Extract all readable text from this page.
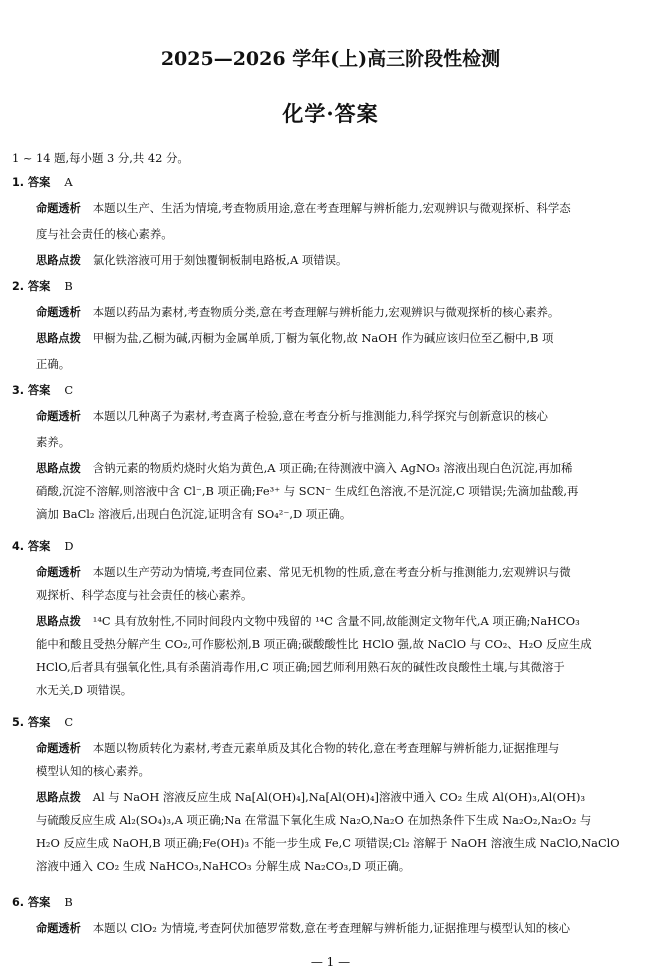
2025—2026 学年(上)高三阶段性检测
化学·答案
1 ~ 14 题,每小题 3 分,共 42 分。
1. 答案 A
命题透析 本题以生产、生活为情境,考查物质用途,意在考查理解与辨析能力,宏观辨识与微观探析、科学态
度与社会责任的核心素养。
思路点拨 氯化铁溶液可用于刻蚀覆铜板制电路板,A 项错误。
2. 答案 B
命题透析 本题以药品为素材,考查物质分类,意在考查理解与辨析能力,宏观辨识与微观探析的核心素养。
思路点拨 甲橱为盐,乙橱为碱,丙橱为金属单质,丁橱为氧化物,故 NaOH 作为碱应该归位至乙橱中,B 项
正确。
3. 答案 C
命题透析 本题以几种离子为素材,考查离子检验,意在考查分析与推测能力,科学探究与创新意识的核心
素养。
思路点拨 含钠元素的物质灼烧时火焰为黄色,A 项正确;在待测液中滴入 AgNO₃ 溶液出现白色沉淀,再加稀
硝酸,沉淀不溶解,则溶液中含 Cl⁻,B 项正确;Fe³⁺ 与 SCN⁻ 生成红色溶液,不是沉淀,C 项错误;先滴加盐酸,再
滴加 BaCl₂ 溶液后,出现白色沉淀,证明含有 SO₄²⁻,D 项正确。
4. 答案 D
命题透析 本题以生产劳动为情境,考查同位素、常见无机物的性质,意在考查分析与推测能力,宏观辨识与微
观探析、科学态度与社会责任的核心素养。
思路点拨 ¹⁴C 具有放射性,不同时间段内文物中残留的 ¹⁴C 含量不同,故能测定文物年代,A 项正确;NaHCO₃
能中和酸且受热分解产生 CO₂,可作膨松剂,B 项正确;碳酸酸性比 HClO 强,故 NaClO 与 CO₂、H₂O 反应生成
HClO,后者具有强氧化性,具有杀菌消毒作用,C 项正确;园艺师利用熟石灰的碱性改良酸性土壤,与其微溶于
水无关,D 项错误。
5. 答案 C
命题透析 本题以物质转化为素材,考查元素单质及其化合物的转化,意在考查理解与辨析能力,证据推理与
模型认知的核心素养。
思路点拨 Al 与 NaOH 溶液反应生成 Na[Al(OH)₄],Na[Al(OH)₄]溶液中通入 CO₂ 生成 Al(OH)₃,Al(OH)₃
与硫酸反应生成 Al₂(SO₄)₃,A 项正确;Na 在常温下氧化生成 Na₂O,Na₂O 在加热条件下生成 Na₂O₂,Na₂O₂ 与
H₂O 反应生成 NaOH,B 项正确;Fe(OH)₃ 不能一步生成 Fe,C 项错误;Cl₂ 溶解于 NaOH 溶液生成 NaClO,NaClO
溶液中通入 CO₂ 生成 NaHCO₃,NaHCO₃ 分解生成 Na₂CO₃,D 项正确。
6. 答案 B
命题透析 本题以 ClO₂ 为情境,考查阿伏加德罗常数,意在考查理解与辨析能力,证据推理与模型认知的核心
— 1 —
